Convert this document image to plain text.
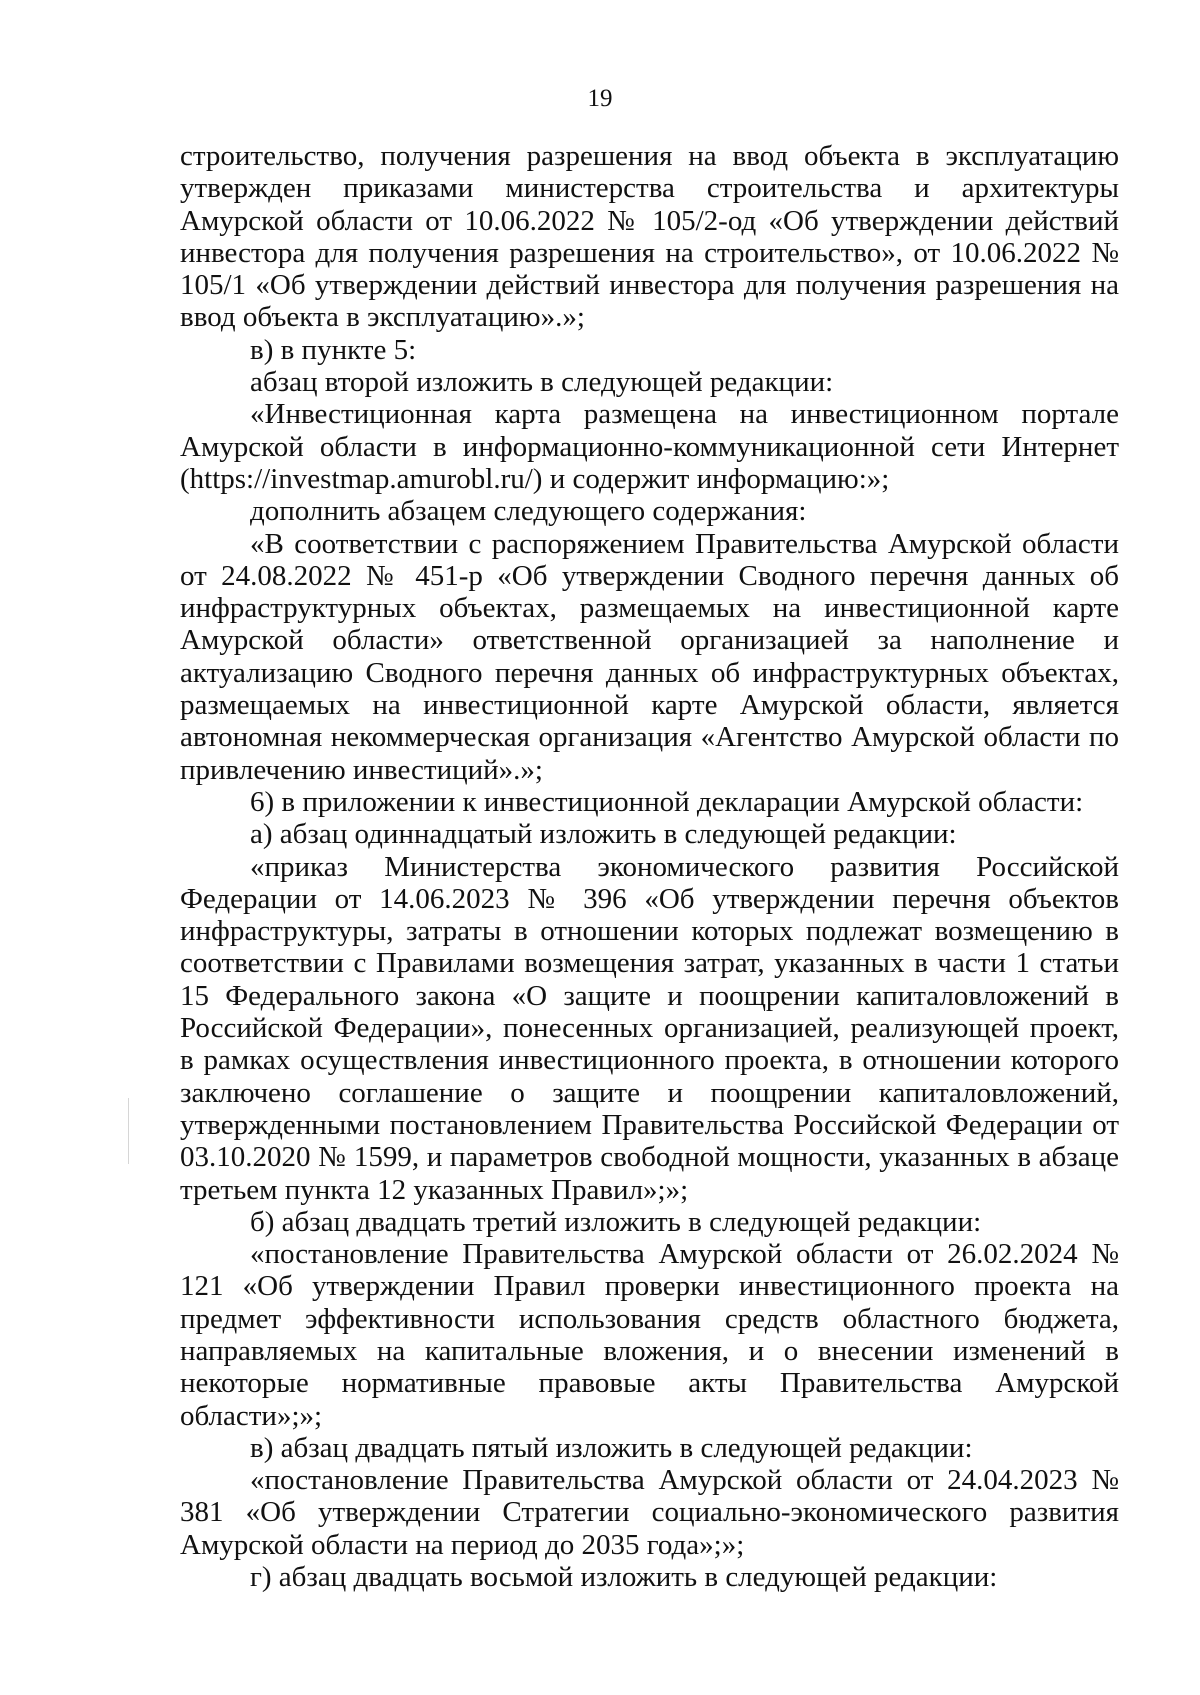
19

строительство, получения разрешения на ввод объекта в эксплуатацию утвержден приказами министерства строительства и архитектуры Амурской области от 10.06.2022 № 105/2-од «Об утверждении действий инвестора для получения разрешения на строительство», от 10.06.2022 № 105/1 «Об утверждении действий инвестора для получения разрешения на ввод объекта в эксплуатацию».»;

в) в пункте 5:

абзац второй изложить в следующей редакции:

«Инвестиционная карта размещена на инвестиционном портале Амурской области в информационно-коммуникационной сети Интернет (https://investmap.amurobl.ru/) и содержит информацию:»;

дополнить абзацем следующего содержания:

«В соответствии с распоряжением Правительства Амурской области от 24.08.2022 № 451-р «Об утверждении Сводного перечня данных об инфраструктурных объектах, размещаемых на инвестиционной карте Амурской области» ответственной организацией за наполнение и актуализацию Сводного перечня данных об инфраструктурных объектах, размещаемых на инвестиционной карте Амурской области, является автономная некоммерческая организация «Агентство Амурской области по привлечению инвестиций».»;

6) в приложении к инвестиционной декларации Амурской области:

а) абзац одиннадцатый изложить в следующей редакции:

«приказ Министерства экономического развития Российской Федерации от 14.06.2023 № 396 «Об утверждении перечня объектов инфраструктуры, затраты в отношении которых подлежат возмещению в соответствии с Правилами возмещения затрат, указанных в части 1 статьи 15 Федерального закона «О защите и поощрении капиталовложений в Российской Федерации», понесенных организацией, реализующей проект, в рамках осуществления инвестиционного проекта, в отношении которого заключено соглашение о защите и поощрении капиталовложений, утвержденными постановлением Правительства Российской Федерации от 03.10.2020 № 1599, и параметров свободной мощности, указанных в абзаце третьем пункта 12 указанных Правил»;»;

б) абзац двадцать третий изложить в следующей редакции:

«постановление Правительства Амурской области от 26.02.2024 № 121 «Об утверждении Правил проверки инвестиционного проекта на предмет эффективности использования средств областного бюджета, направляемых на капитальные вложения, и о внесении изменений в некоторые нормативные правовые акты Правительства Амурской области»;»;

в) абзац двадцать пятый изложить в следующей редакции:

«постановление Правительства Амурской области от 24.04.2023 № 381 «Об утверждении Стратегии социально-экономического развития Амурской области на период до 2035 года»;»;

г) абзац двадцать восьмой изложить в следующей редакции:
